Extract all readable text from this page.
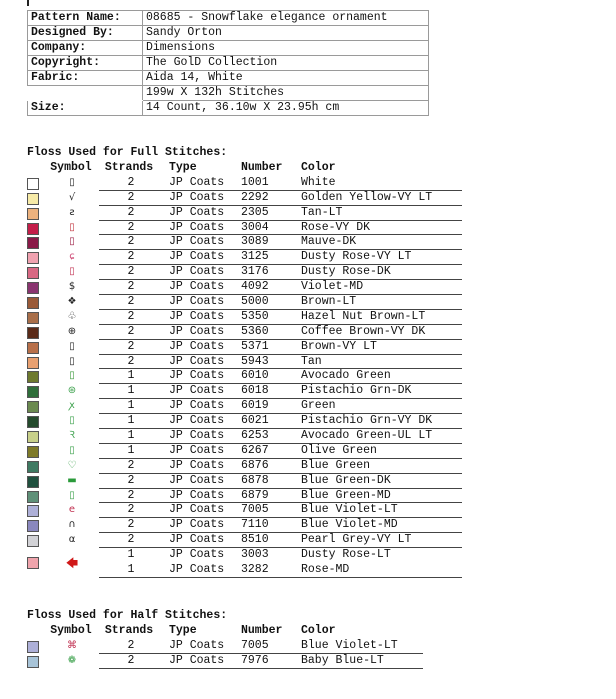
Pattern Name:	08685 - Snowflake elegance ornament
Designed By:	Sandy Orton
Company:	Dimensions
Copyright:	The GolD Collection
Fabric:	Aida 14, White
	199w X 132h Stitches
Size:	14 Count, 36.10w X 23.95h cm
Floss Used for Full Stitches:
Symbol	Strands	Type	Number Color
▯	2	JP Coats 1001	White
√	2	JP Coats 2292	Golden Yellow-VY LT
ƨ	2	JP Coats 2305	Tan-LT
▯	2	JP Coats 3004	Rose-VY DK
▯	2	JP Coats 3089	Mauve-DK
ɕ	2	JP Coats 3125	Dusty Rose-VY LT
▯	2	JP Coats 3176	Dusty Rose-DK
$	2	JP Coats 4092	Violet-MD
❖	2	JP Coats 5000	Brown-LT
♧	2	JP Coats 5350	Hazel Nut Brown-LT
⊕	2	JP Coats 5360	Coffee Brown-VY DK
▯	2	JP Coats 5371	Brown-VY LT
▯	2	JP Coats 5943	Tan
▯	1	JP Coats 6010	Avocado Green
⊛	1	JP Coats 6018	Pistachio Grn-DK
ꭗ	1	JP Coats 6019	Green
▯	1	JP Coats 6021	Pistachio Grn-VY DK
Ꝛ	1	JP Coats 6253	Avocado Green-UL LT
▯	1	JP Coats 6267	Olive Green
♡	2	JP Coats 6876	Blue Green
▬	2	JP Coats 6878	Blue Green-DK
▯	2	JP Coats 6879	Blue Green-MD
e	2	JP Coats 7005	Blue Violet-LT
∩	2	JP Coats 7110	Blue Violet-MD
α	2	JP Coats 8510	Pearl Grey-VY LT
🡄
1	JP Coats 3003	Dusty Rose-LT
1	JP Coats 3282	Rose-MD
Floss Used for Half Stitches:
Symbol	Strands	Type	Number Color
⌘	2	JP Coats 7005	Blue Violet-LT
❁	2	JP Coats 7976	Baby Blue-LT
